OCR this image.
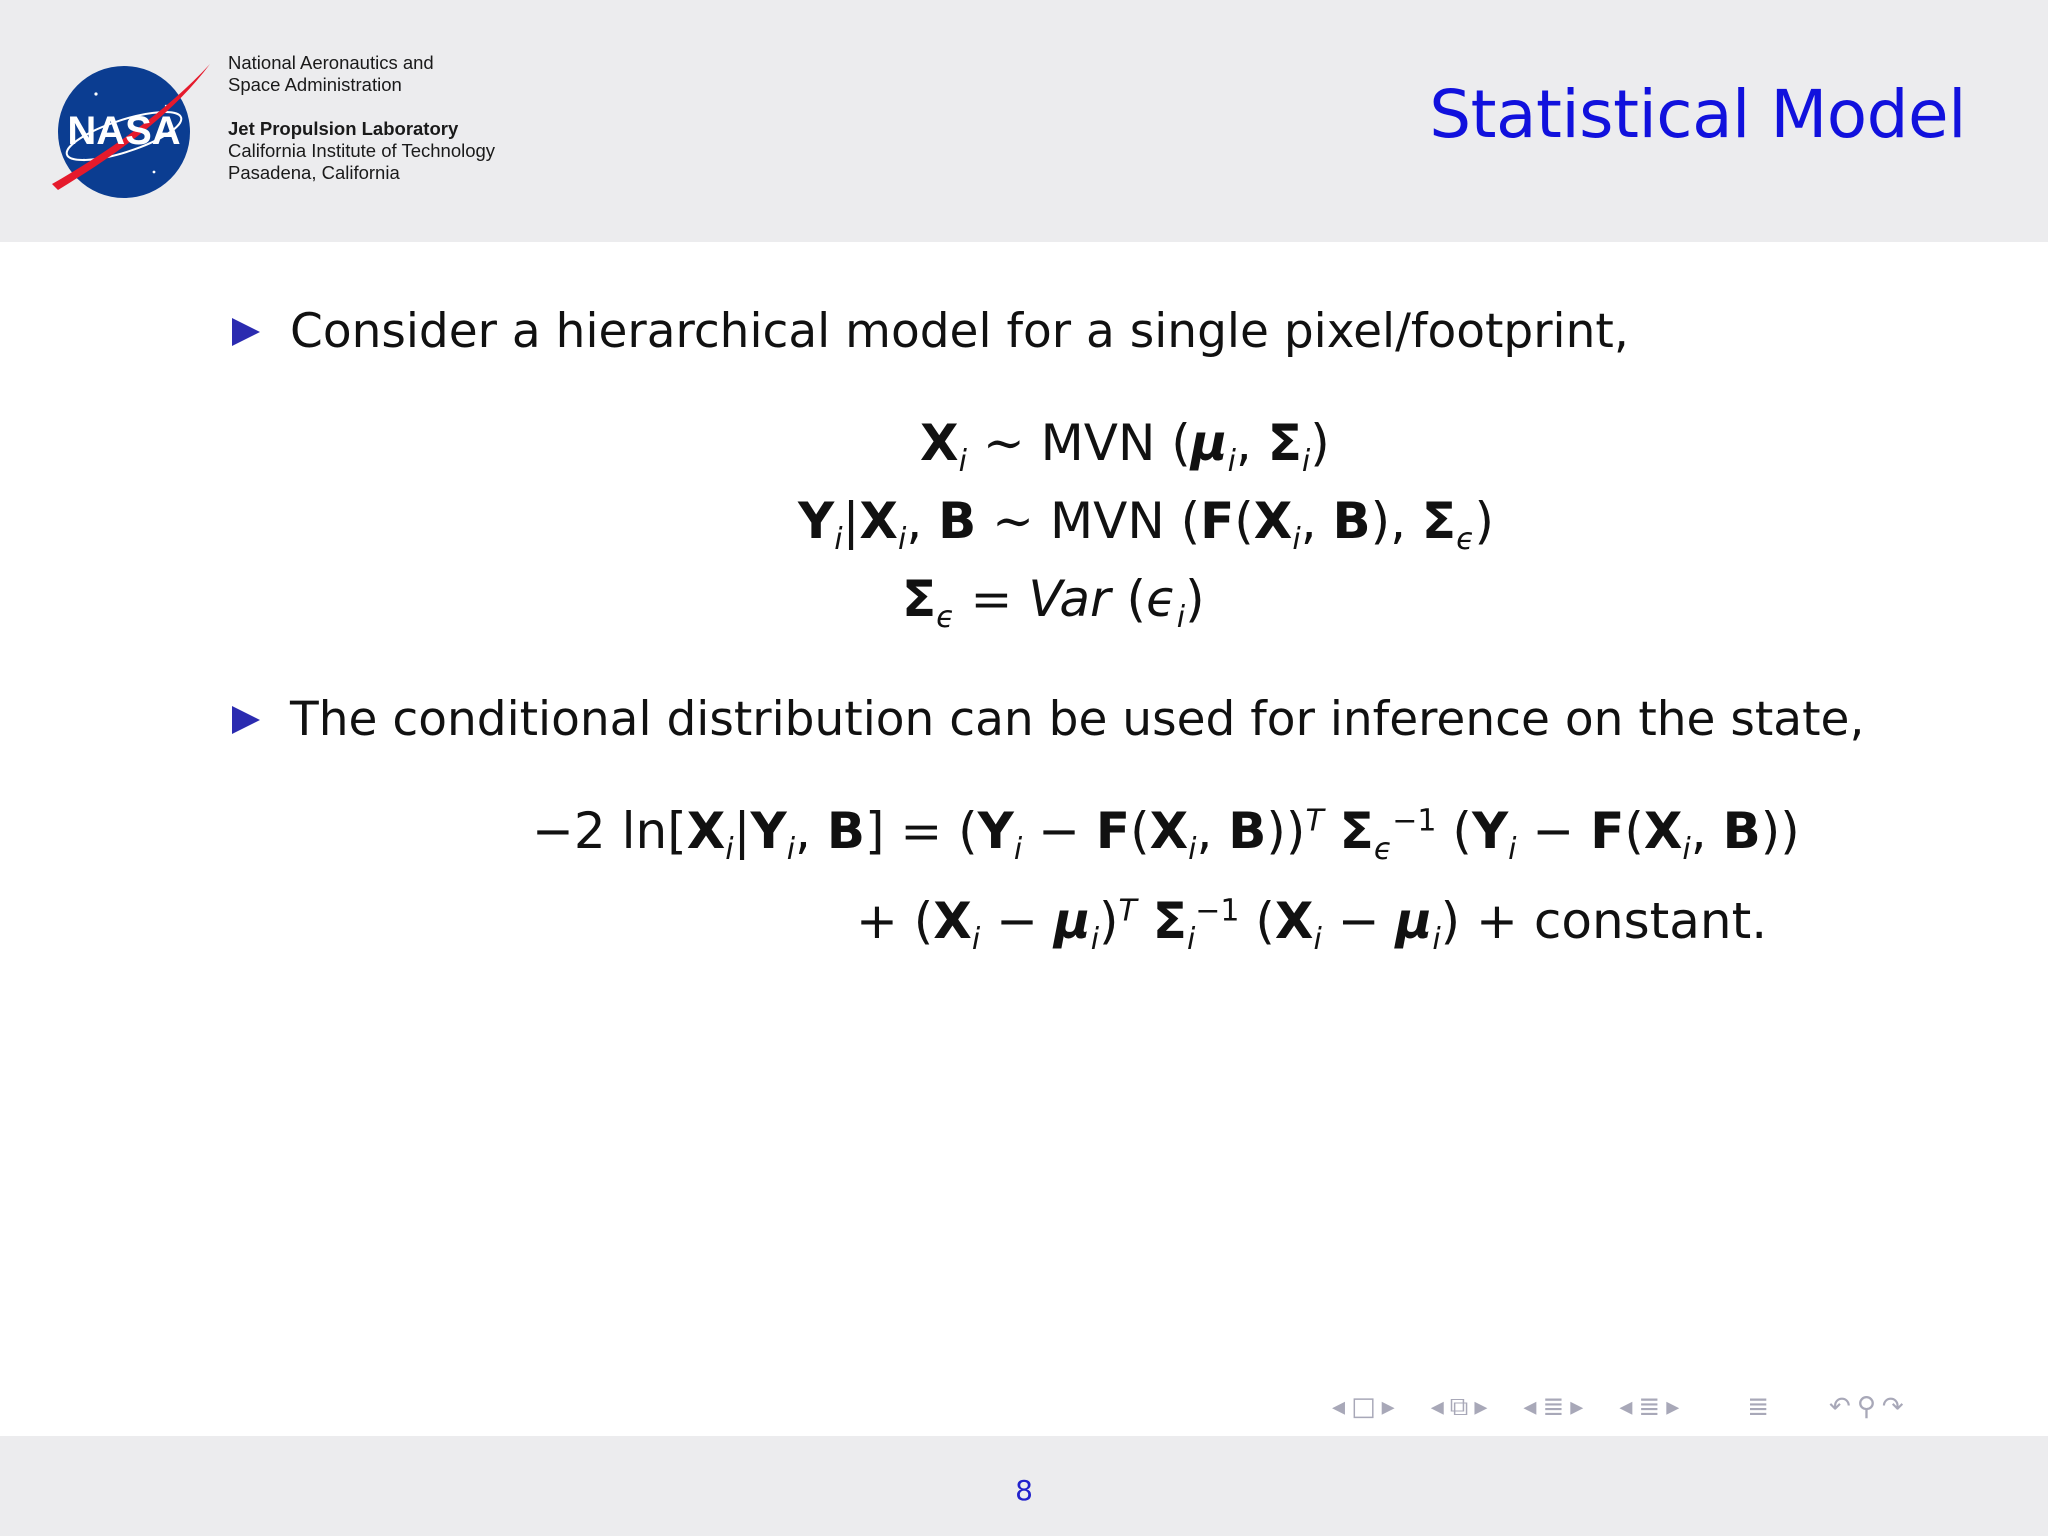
NASA
National Aeronautics and
Space Administration
Jet Propulsion Laboratory
California Institute of Technology
Pasadena, California
Statistical Model
Consider a hierarchical model for a single pixel/footprint,
$X_i$ ∼ MVN ($\mu_i$, $\Sigma_i$)
$Y_i|X_i$, B ∼ MVN ($F(X_i$, B), $\Sigma_\epsilon$)
$\Sigma_\epsilon$ = Var $(\epsilon_i)$
The conditional distribution can be used for inference on the state,
−2 $\ln[X_i|Y_i$, $B] = (Y_i - F(X_i$, B))$^T$ $\Sigma_\epsilon^{-1}$ ($Y_i - F(X_i$, B))
+ $(X_i - \mu_i)^T$ $\Sigma_i^{-1}$ $(X_i - \mu_i)$ + constant.
◂ □ ▸ ◂ ⧉ ▸ ◂ ≣ ▸ ◂ ≣ ▸	≣ ↶ ⚲ ↷
8
